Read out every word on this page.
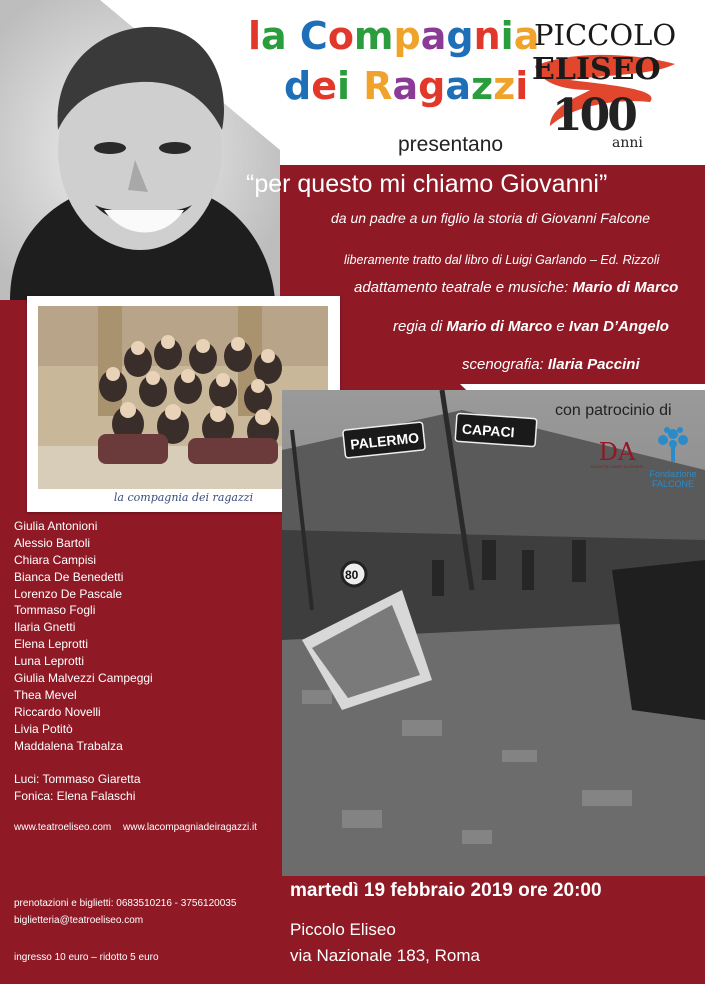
la compagnia dei ragazzi
PALERMO	CAPACI
80
la Compagnia
dei Ragazzi
PICCOLO
ELISEO
100
anni
presentano
“per questo mi chiamo Giovanni”
da un padre a un figlio la storia di Giovanni Falcone
liberamente tratto dal libro di Luigi Garlando – Ed. Rizzoli
adattamento teatrale e musiche: Mario di Marco
regia di Mario di Marco e Ivan D’Angelo
scenografia: Ilaria Paccini
con patrocinio di
DA
SOCIETÀ DANTE ALIGHIERI
Fondazione
FALCONE
Giulia Antonioni
Alessio Bartoli
Chiara Campisi
Bianca De Benedetti
Lorenzo De Pascale
Tommaso Fogli
Ilaria Gnetti
Elena Leprotti
Luna Leprotti
Giulia Malvezzi Campeggi
Thea Mevel
Riccardo Novelli
Livia Potitò
Maddalena Trabalza
Luci: Tommaso Giaretta
Fonica: Elena Falaschi
www.teatroeliseo.com www.lacompagniadeiragazzi.it
prenotazioni e biglietti: 0683510216 - 3756120035
biglietteria@teatroeliseo.com
ingresso 10 euro – ridotto 5 euro
martedì 19 febbraio 2019 ore 20:00
Piccolo Eliseo
via Nazionale 183, Roma
